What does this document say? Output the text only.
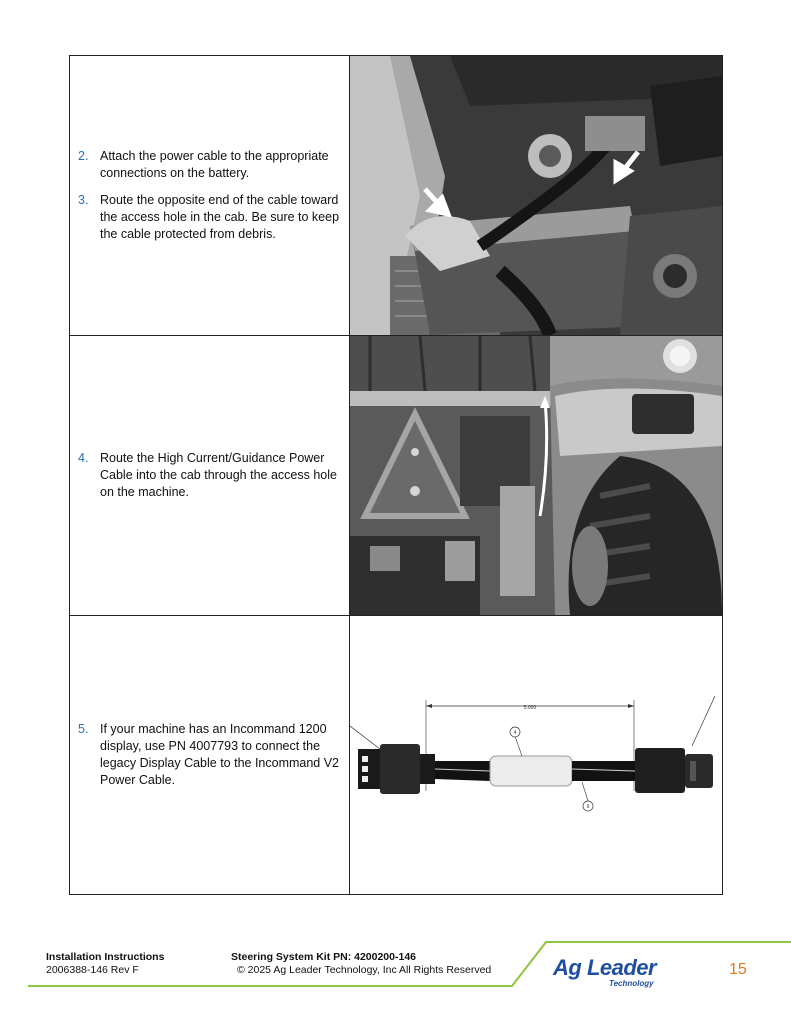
2. Attach the power cable to the appropriate connections on the battery.
3. Route the opposite end of the cable toward the access hole in the cab. Be sure to keep the cable protected from debris.
4. Route the High Current/Guidance Power Cable into the cab through the access hole on the machine.
5. If your machine has an Incommand 1200 display, use PN 4007793 to connect the legacy Display Cable to the Incommand V2 Power Cable.
5.000
4
9
Installation Instructions
2006388-146 Rev F
Steering System Kit PN: 4200200-146
© 2025 Ag Leader Technology, Inc All Rights Reserved	Ag Leader
Technology
15
